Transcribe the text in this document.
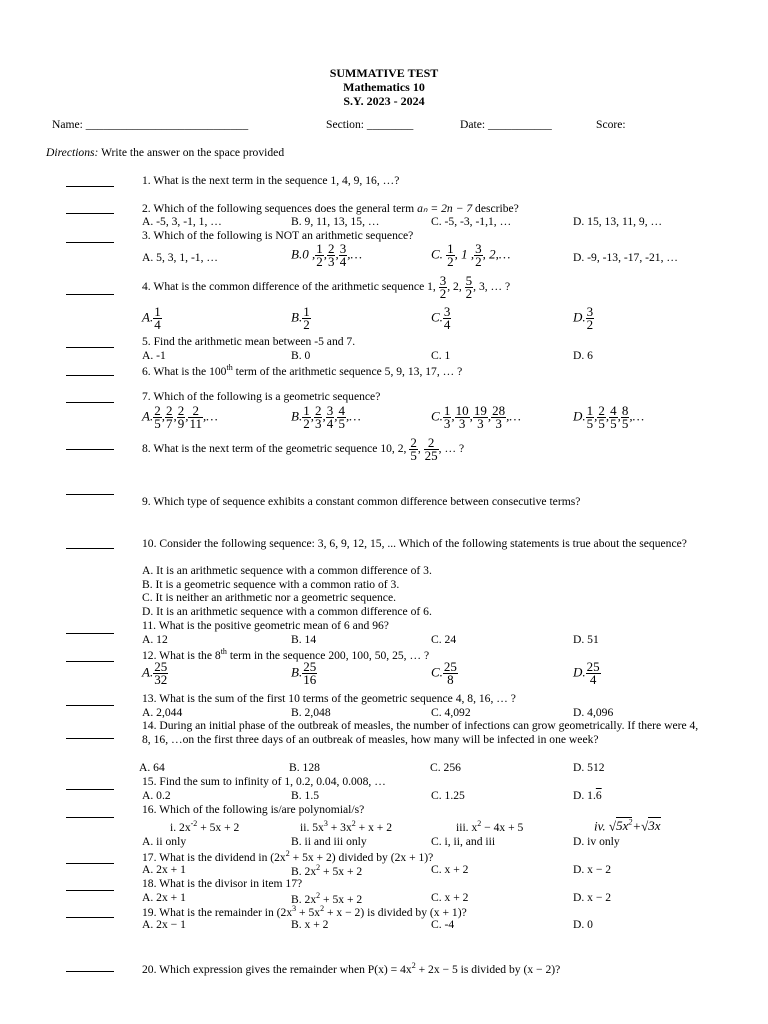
SUMMATIVE TEST
Mathematics 10
S.Y. 2023 - 2024
Name: ____________________________	Section: ________	Date: ___________	Score:
Directions: Write the answer on the space provided
1. What is the next term in the sequence 1, 4, 9, 16, …?
2. Which of the following sequences does the general term aₙ = 2n − 7 describe?
A. -5, 3, -1, 1, …	B. 9, 11, 13, 15, …	C. -5, -3, -1,1, …	D. 15, 13, 11, 9, …
3. Which of the following is NOT an arithmetic sequence?
A. 5, 3, 1, -1, …	B.0 , $\frac{1}{2}$ , $\frac{2}{3}$ , $\frac{3}{4}$ ,…	C. $\frac{1}{2}$ , 1 , $\frac{3}{2}$ , 2,…	D. -9, -13, -17, -21, …
4. What is the common difference of the arithmetic sequence 1, $\frac{3}{2}$ , 2, $\frac{5}{2}$ , 3, … ?
A. $\frac{1}{4}$	B. $\frac{1}{2}$	C. $\frac{3}{4}$	D. $\frac{3}{2}$
5. Find the arithmetic mean between -5 and 7.
A. -1	B. 0	C. 1	D. 6
6. What is the 100th term of the arithmetic sequence 5, 9, 13, 17, … ?
7. Which of the following is a geometric sequence?
A. $\frac{2}{5}$ , $\frac{2}{7}$ , $\frac{2}{9}$ , $\frac{2}{11}$ ,…	B. $\frac{1}{2}$ , $\frac{2}{3}$ , $\frac{3}{4}$ , $\frac{4}{5}$ ,…	C. $\frac{1}{3}$ , $\frac{10}{3}$ , $\frac{19}{3}$ , $\frac{28}{3}$ ,…	D. $\frac{1}{5}$ , $\frac{2}{5}$ , $\frac{4}{5}$ , $\frac{8}{5}$ ,…
8. What is the next term of the geometric sequence 10, 2, $\frac{2}{5}$ , $\frac{2}{25}$ , … ?
9. Which type of sequence exhibits a constant common difference between consecutive terms?
10. Consider the following sequence: 3, 6, 9, 12, 15, ... Which of the following statements is true about the sequence?
A. It is an arithmetic sequence with a common difference of 3.
B. It is a geometric sequence with a common ratio of 3.
C. It is neither an arithmetic nor a geometric sequence.
D. It is an arithmetic sequence with a common difference of 6.
11. What is the positive geometric mean of 6 and 96?
A. 12	B. 14	C. 24	D. 51
12. What is the 8th term in the sequence 200, 100, 50, 25, … ?
A. $\frac{25}{32}$	B. $\frac{25}{16}$	C. $\frac{25}{8}$	D. $\frac{25}{4}$
13. What is the sum of the first 10 terms of the geometric sequence 4, 8, 16, … ?
A. 2,044	B. 2,048	C. 4,092	D. 4,096
14. During an initial phase of the outbreak of measles, the number of infections can grow geometrically. If there were 4, 8, 16, …on the first three days of an outbreak of measles, how many will be infected in one week?
A. 64	B. 128	C. 256	D. 512
15. Find the sum to infinity of 1, 0.2, 0.04, 0.008, …
A. 0.2	B. 1.5	C. 1.25	D. 1.6
16. Which of the following is/are polynomial/s?
i. $2x^{-2} + 5x + 2$	ii. $5x^3 + 3x^2 + x + 2$	iii. $x^2 - 4x + 5$	iv. $√5x^2+√3x$
A. ii only	B. ii and iii only	C. i, ii, and iii	D. iv only
17. What is the dividend in $(2x^2 + 5x + 2)$ divided by (2x + 1)?
A. 2x + 1	B. $2x^2 + 5x + 2$	C. x + 2	D. x − 2
18. What is the divisor in item 17?
A. 2x + 1	B. $2x^2 + 5x + 2$	C. x + 2	D. x − 2
19. What is the remainder in $(2x^3 + 5x^2 + x - 2)$ is divided by (x + 1)?
A. 2x − 1	B. x + 2	C. -4	D. 0
20. Which expression gives the remainder when $P(x) = 4x^2 + 2x - 5$ is divided by (x − 2)?
